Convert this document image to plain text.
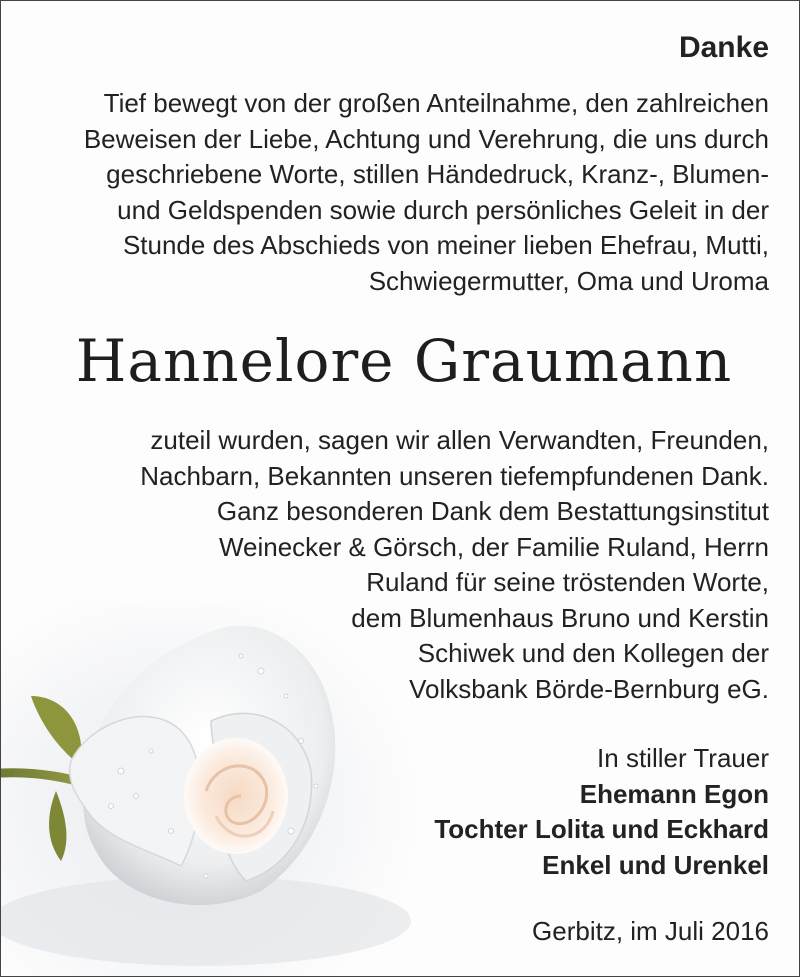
Danke
Tief bewegt von der großen Anteilnahme, den zahlreichen
Beweisen der Liebe, Achtung und Verehrung, die uns durch
geschriebene Worte, stillen Händedruck, Kranz-, Blumen-
und Geldspenden sowie durch persönliches Geleit in der
Stunde des Abschieds von meiner lieben Ehefrau, Mutti,
Schwiegermutter, Oma und Uroma
Hannelore Graumann
zuteil wurden, sagen wir allen Verwandten, Freunden,
Nachbarn, Bekannten unseren tiefempfundenen Dank.
Ganz besonderen Dank dem Bestattungsinstitut
Weinecker & Görsch, der Familie Ruland, Herrn
Ruland für seine tröstenden Worte,
dem Blumenhaus Bruno und Kerstin
Schiwek und den Kollegen der
Volksbank Börde-Bernburg eG.
In stiller Trauer
Ehemann Egon
Tochter Lolita und Eckhard
Enkel und Urenkel
Gerbitz, im Juli 2016
